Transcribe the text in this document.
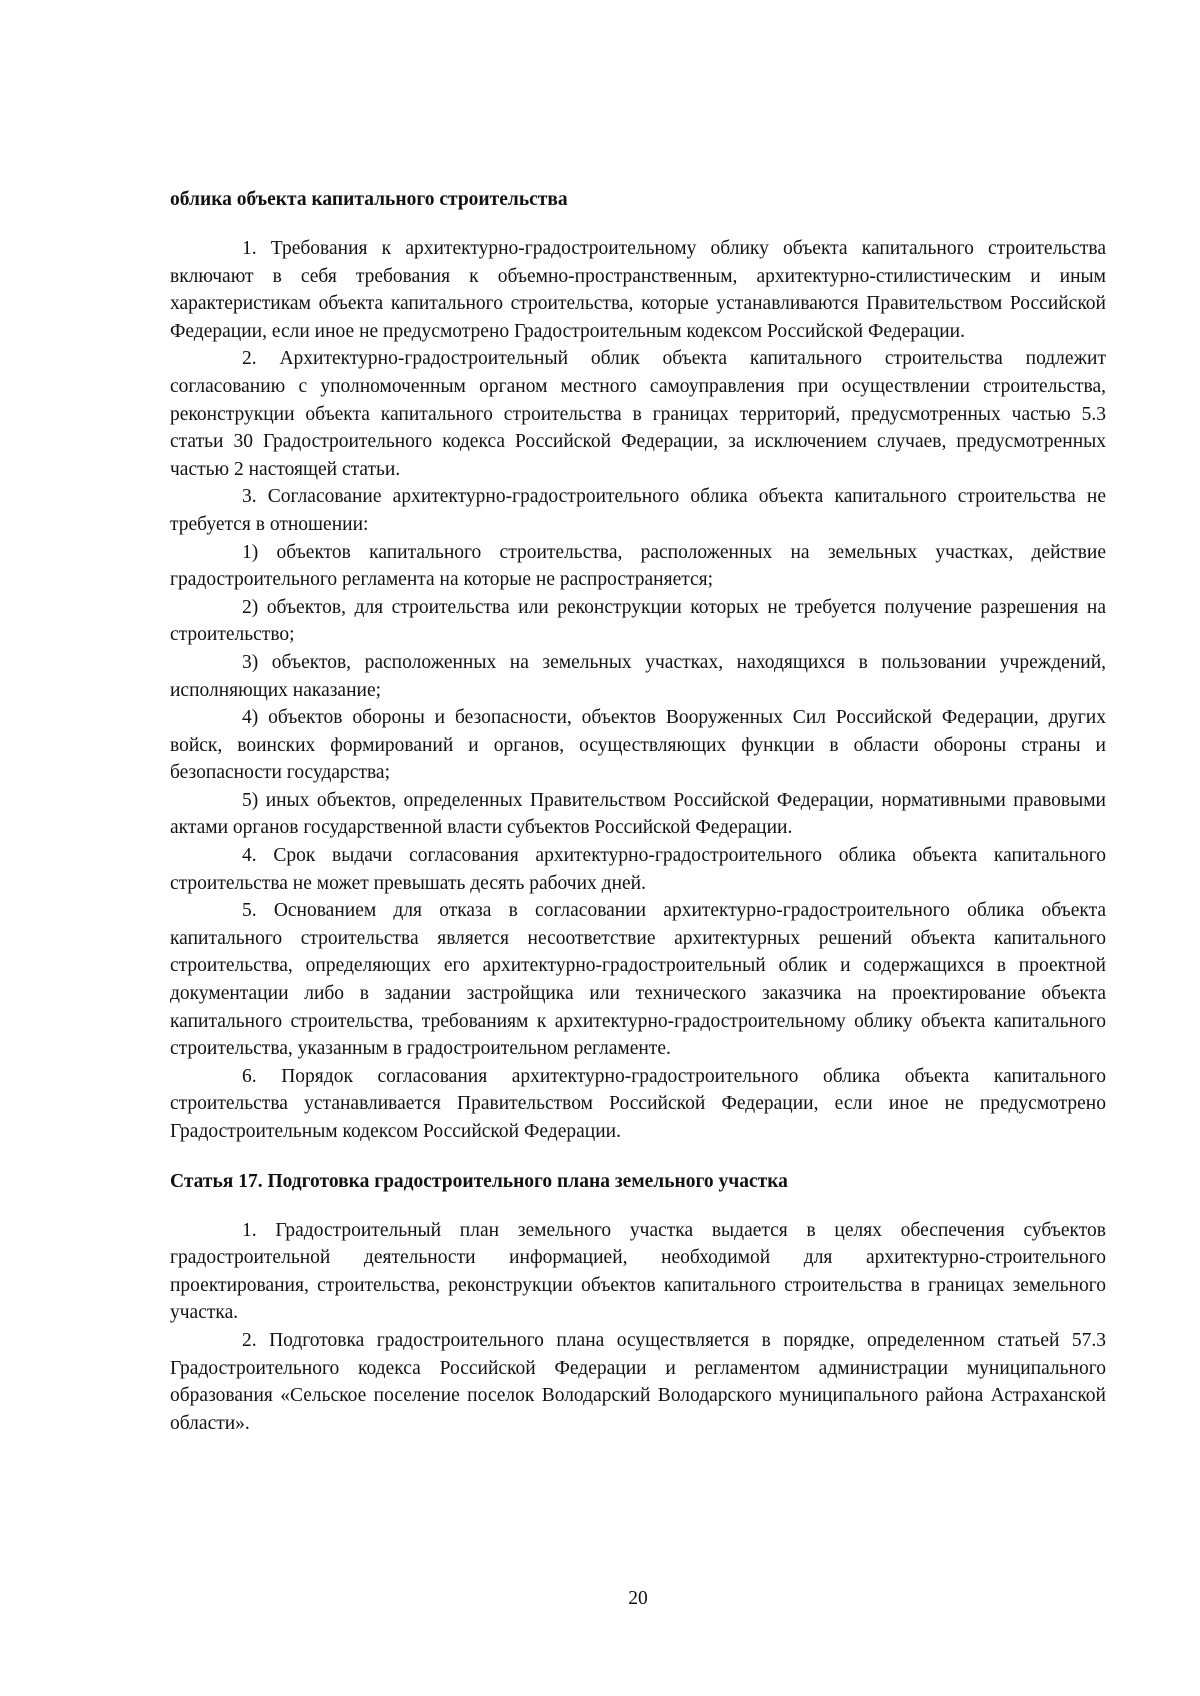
облика объекта капитального строительства

1. Требования к архитектурно-градостроительному облику объекта капитального строительства включают в себя требования к объемно-пространственным, архитектурно-стилистическим и иным характеристикам объекта капитального строительства, которые устанавливаются Правительством Российской Федерации, если иное не предусмотрено Градостроительным кодексом Российской Федерации.

2. Архитектурно-градостроительный облик объекта капитального строительства подлежит согласованию с уполномоченным органом местного самоуправления при осуществлении строительства, реконструкции объекта капитального строительства в границах территорий, предусмотренных частью 5.3 статьи 30 Градостроительного кодекса Российской Федерации, за исключением случаев, предусмотренных частью 2 настоящей статьи.

3. Согласование архитектурно-градостроительного облика объекта капитального строительства не требуется в отношении:

1) объектов капитального строительства, расположенных на земельных участках, действие градостроительного регламента на которые не распространяется;

2) объектов, для строительства или реконструкции которых не требуется получение разрешения на строительство;

3) объектов, расположенных на земельных участках, находящихся в пользовании учреждений, исполняющих наказание;

4) объектов обороны и безопасности, объектов Вооруженных Сил Российской Федерации, других войск, воинских формирований и органов, осуществляющих функции в области обороны страны и безопасности государства;

5) иных объектов, определенных Правительством Российской Федерации, нормативными правовыми актами органов государственной власти субъектов Российской Федерации.

4. Срок выдачи согласования архитектурно-градостроительного облика объекта капитального строительства не может превышать десять рабочих дней.

5. Основанием для отказа в согласовании архитектурно-градостроительного облика объекта капитального строительства является несоответствие архитектурных решений объекта капитального строительства, определяющих его архитектурно-градостроительный облик и содержащихся в проектной документации либо в задании застройщика или технического заказчика на проектирование объекта капитального строительства, требованиям к архитектурно-градостроительному облику объекта капитального строительства, указанным в градостроительном регламенте.

6. Порядок согласования архитектурно-градостроительного облика объекта капитального строительства устанавливается Правительством Российской Федерации, если иное не предусмотрено Градостроительным кодексом Российской Федерации.

Статья 17. Подготовка градостроительного плана земельного участка

1. Градостроительный план земельного участка выдается в целях обеспечения субъектов градостроительной деятельности информацией, необходимой для архитектурно-строительного проектирования, строительства, реконструкции объектов капитального строительства в границах земельного участка.

2. Подготовка градостроительного плана осуществляется в порядке, определенном статьей 57.3 Градостроительного кодекса Российской Федерации и регламентом администрации муниципального образования «Сельское поселение поселок Володарский Володарского муниципального района Астраханской области».

20
